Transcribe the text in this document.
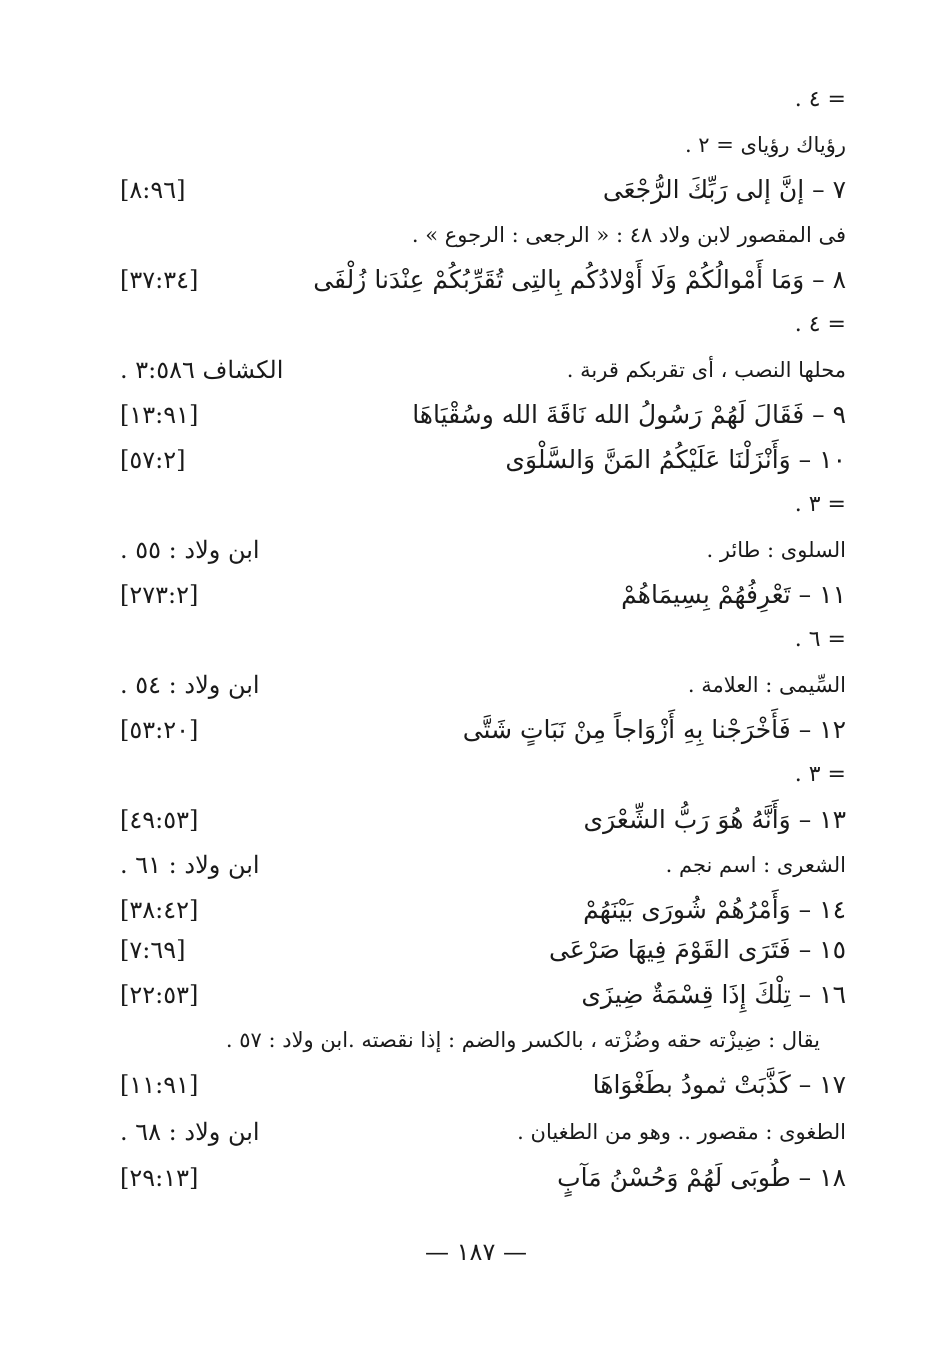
= ٤ .
رؤياك رؤياى = ٢ .
٧ – إنَّ إلى رَبِّكَ الرُّجْعَى
[٨:٩٦]
فى المقصور لابن ولاد ٤٨ : « الرجعى : الرجوع » .
٨ – وَمَا أَمْوالُكُمْ وَلَا أَوْلادُكُم بِالتِى تُقَرِّبُكُمْ عِنْدَنا زُلْفَى
[٣٧:٣٤]
= ٤ .
محلها النصب ، أى تقربكم قربة .
الكشاف ٣:٥٨٦ .
٩ – فَقَالَ لَهُمْ رَسُولُ الله نَاقَةَ الله وسُقْيَاهَا
[١٣:٩١]
١٠ – وَأَنْزَلْنَا عَلَيْكُمُ المَنَّ وَالسَّلْوَى
[٥٧:٢]
= ٣ .
السلوى : طائر .
ابن ولاد : ٥٥ .
١١ – تَعْرِفُهُمْ بِسِيمَاهُمْ
[٢٧٣:٢]
= ٦ .
السِّيمى : العلامة .
ابن ولاد : ٥٤ .
١٢ – فَأَخْرَجْنا بِهِ أَزْوَاجاً مِنْ نَبَاتٍ شَتَّى
[٥٣:٢٠]
= ٣ .
١٣ – وَأَنَّهُ هُوَ رَبُّ الشِّعْرَى
[٤٩:٥٣]
الشعرى : اسم نجم .
ابن ولاد : ٦١ .
١٤ – وَأَمْرُهُمْ شُورَى بَيْنَهُمْ
[٣٨:٤٢]
١٥ – فَتَرَى القَوْمَ فِيهَا صَرْعَى
[٧:٦٩]
١٦ – تِلْكَ إِذَا قِسْمَةٌ ضِيزَى
[٢٢:٥٣]
يقال : ضِيزْته حقه وضُزْته ، بالكسر والضم : إذا نقصته .ابن ولاد : ٥٧ .
١٧ – كَذَّبَتْ ثمودُ بطَغْوَاهَا
[١١:٩١]
الطغوى : مقصور .. وهو من الطغيان .
ابن ولاد : ٦٨ .
١٨ – طُوبَى لَهُمْ وَحُسْنُ مَآبٍ
[٢٩:١٣]
— ١٨٧ —
